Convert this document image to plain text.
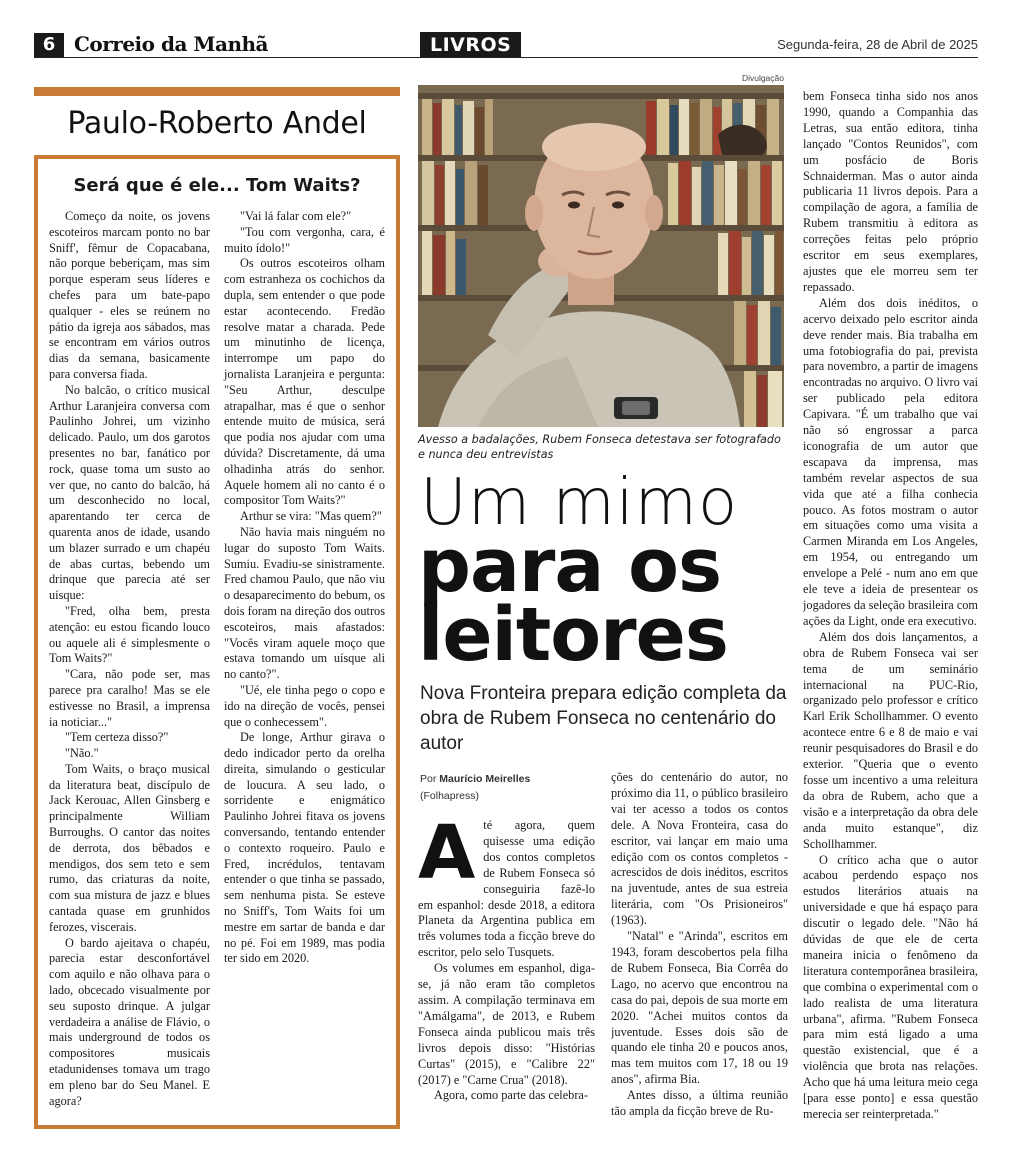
6 Correio da Manhã	LIVROS	Segunda-feira, 28 de Abril de 2025
Paulo-Roberto Andel
Será que é ele... Tom Waits?

Começo da noite, os jovens escoteiros marcam ponto no bar Sniff', fêmur de Copacabana, não porque beberiçam, mas sim porque esperam seus líderes e chefes para um bate-papo qualquer - eles se reúnem no pátio da igreja aos sábados, mas se encontram em vários outros dias da semana, basicamente para conversa fiada.

No balcão, o crítico musical Arthur Laranjeira conversa com Paulinho Johrei, um vizinho delicado. Paulo, um dos garotos presentes no bar, fanático por rock, quase toma um susto ao ver que, no canto do balcão, há um desconhecido no local, aparentando ter cerca de quarenta anos de idade, usando um blazer surrado e um chapéu de abas curtas, bebendo um drinque que parecia até ser uísque:

"Fred, olha bem, presta atenção: eu estou ficando louco ou aquele ali é simplesmente o Tom Waits?"

"Cara, não pode ser, mas parece pra caralho! Mas se ele estivesse no Brasil, a imprensa ia noticiar..."

"Tem certeza disso?"

"Não."

Tom Waits, o braço musical da literatura beat, discípulo de Jack Kerouac, Allen Ginsberg e principalmente William Burroughs. O cantor das noites de derrota, dos bêbados e mendigos, dos sem teto e sem rumo, das criaturas da noite, com sua mistura de jazz e blues cantada quase em grunhidos ferozes, viscerais.

O bardo ajeitava o chapéu, parecia estar desconfortável com aquilo e não olhava para o lado, obcecado visualmente por seu suposto drinque. A julgar verdadeira a análise de Flávio, o mais underground de todos os compositores musicais etadunidenses tomava um trago em pleno bar do Seu Manel. E agora?

"Vai lá falar com ele?"

"Tou com vergonha, cara, é muito ídolo!"

Os outros escoteiros olham com estranheza os cochichos da dupla, sem entender o que pode estar acontecendo. Fredão resolve matar a charada. Pede um minutinho de licença, interrompe um papo do jornalista Laranjeira e pergunta: "Seu Arthur, desculpe atrapalhar, mas é que o senhor entende muito de música, será que podia nos ajudar com uma dúvida? Discretamente, dá uma olhadinha atrás do senhor. Aquele homem ali no canto é o compositor Tom Waits?"

Arthur se vira: "Mas quem?"

Não havia mais ninguém no lugar do suposto Tom Waits. Sumiu. Evadiu-se sinistramente. Fred chamou Paulo, que não viu o desaparecimento do bebum, os dois foram na direção dos outros escoteiros, mais afastados: "Vocês viram aquele moço que estava tomando um uísque ali no canto?".

"Ué, ele tinha pego o copo e ido na direção de vocês, pensei que o conhecessem".

De longe, Arthur girava o dedo indicador perto da orelha direita, simulando o gesticular de loucura. A seu lado, o sorridente e enigmático Paulinho Johrei fitava os jovens conversando, tentando entender o contexto roqueiro. Paulo e Fred, incrédulos, tentavam entender o que tinha se passado, sem nenhuma pista. Se esteve no Sniff's, Tom Waits foi um mestre em sartar de banda e dar no pé. Foi em 1989, mas podia ter sido em 2020.

Divulgação
Avesso a badalações, Rubem Fonseca detestava ser fotografado e nunca deu entrevistas
Um mimo
para os
leitores
Nova Fronteira prepara edição completa da obra de Rubem Fonseca no centenário do autor
Por Maurício Meirelles
(Folhapress)
A té agora, quem quisesse uma edição dos contos completos de Rubem Fonseca só conseguiria fazê-lo em espanhol: desde 2018, a editora Planeta da Argentina publica em três volumes toda a ficção breve do escritor, pelo selo Tusquets.

Os volumes em espanhol, diga-se, já não eram tão completos assim. A compilação terminava em "Amálgama", de 2013, e Rubem Fonseca ainda publicou mais três livros depois disso: "Histórias Curtas" (2015), e "Calibre 22" (2017) e "Carne Crua" (2018).

Agora, como parte das celebra-

ções do centenário do autor, no próximo dia 11, o público brasileiro vai ter acesso a todos os contos dele. A Nova Fronteira, casa do escritor, vai lançar em maio uma edição com os contos completos - acrescidos de dois inéditos, escritos na juventude, antes de sua estreia literária, com "Os Prisioneiros" (1963).

"Natal" e "Arinda", escritos em 1943, foram descobertos pela filha de Rubem Fonseca, Bia Corrêa do Lago, no acervo que encontrou na casa do pai, depois de sua morte em 2020. "Achei muitos contos da juventude. Esses dois são de quando ele tinha 20 e poucos anos, mas tem muitos com 17, 18 ou 19 anos", afirma Bia.

Antes disso, a última reunião tão ampla da ficção breve de Ru-

bem Fonseca tinha sido nos anos 1990, quando a Companhia das Letras, sua então editora, tinha lançado "Contos Reunidos", com um posfácio de Boris Schnaiderman. Mas o autor ainda publicaria 11 livros depois. Para a compilação de agora, a família de Rubem transmitiu à editora as correções feitas pelo próprio escritor em seus exemplares, ajustes que ele morreu sem ter repassado.

Além dos dois inéditos, o acervo deixado pelo escritor ainda deve render mais. Bia trabalha em uma fotobiografia do pai, prevista para novembro, a partir de imagens encontradas no arquivo. O livro vai ser publicado pela editora Capivara. "É um trabalho que vai não só engrossar a parca iconografia de um autor que escapava da imprensa, mas também revelar aspectos de sua vida que até a filha conhecia pouco. As fotos mostram o autor em situações como uma visita a Carmen Miranda em Los Angeles, em 1954, ou entregando um envelope a Pelé - num ano em que ele teve a ideia de presentear os jogadores da seleção brasileira com ações da Light, onde era executivo.

Além dos dois lançamentos, a obra de Rubem Fonseca vai ser tema de um seminário internacional na PUC-Rio, organizado pelo professor e crítico Karl Erik Schollhammer. O evento acontece entre 6 e 8 de maio e vai reunir pesquisadores do Brasil e do exterior. "Queria que o evento fosse um incentivo a uma releitura da obra de Rubem, acho que a visão e a interpretação da obra dele anda muito estanque", diz Schollhammer.

O crítico acha que o autor acabou perdendo espaço nos estudos literários atuais na universidade e que há espaço para discutir o legado dele. "Não há dúvidas de que ele de certa maneira inicia o fenômeno da literatura contemporânea brasileira, que combina o experimental com o lado realista de uma literatura urbana", afirma. "Rubem Fonseca para mim está ligado a uma questão existencial, que é a violência que brota nas relações. Acho que há uma leitura meio cega [para esse ponto] e essa questão merecia ser reinterpretada."
